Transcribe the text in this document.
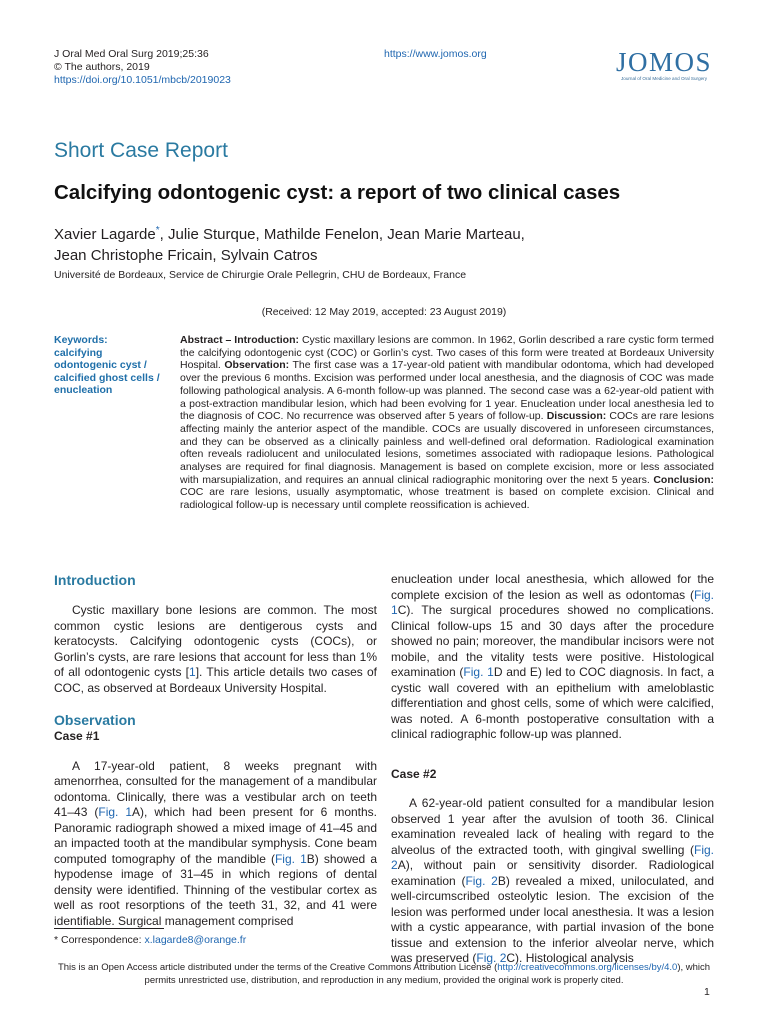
J Oral Med Oral Surg 2019;25:36
© The authors, 2019
https://doi.org/10.1051/mbcb/2019023
https://www.jomos.org	JOMOS
Journal of Oral Medicine and Oral Surgery
Short Case Report
Calcifying odontogenic cyst: a report of two clinical cases
Xavier Lagarde*, Julie Sturque, Mathilde Fenelon, Jean Marie Marteau,
Jean Christophe Fricain, Sylvain Catros
Université de Bordeaux, Service de Chirurgie Orale Pellegrin, CHU de Bordeaux, France
(Received: 12 May 2019, accepted: 23 August 2019)
Keywords:
calcifying
odontogenic cyst /
calcified ghost cells /
enucleation
Abstract – Introduction: Cystic maxillary lesions are common. In 1962, Gorlin described a rare cystic form termed the calcifying odontogenic cyst (COC) or Gorlin’s cyst. Two cases of this form were treated at Bordeaux University Hospital. Observation: The first case was a 17-year-old patient with mandibular odontoma, which had developed over the previous 6 months. Excision was performed under local anesthesia, and the diagnosis of COC was made following pathological analysis. A 6-month follow-up was planned. The second case was a 62-year-old patient with a post-extraction mandibular lesion, which had been evolving for 1 year. Enucleation under local anesthesia led to the diagnosis of COC. No recurrence was observed after 5 years of follow-up. Discussion: COCs are rare lesions affecting mainly the anterior aspect of the mandible. COCs are usually discovered in unforeseen circumstances, and they can be observed as a clinically painless and well-defined oral deformation. Radiological examination often reveals radiolucent and uniloculated lesions, sometimes associated with radiopaque lesions. Pathological analyses are required for final diagnosis. Management is based on complete excision, more or less associated with marsupialization, and requires an annual clinical radiographic monitoring over the next 5 years. Conclusion: COC are rare lesions, usually asymptomatic, whose treatment is based on complete excision. Clinical and radiological follow-up is necessary until complete reossification is achieved.
Introduction

Cystic maxillary bone lesions are common. The most common cystic lesions are dentigerous cysts and keratocysts. Calcifying odontogenic cysts (COCs), or Gorlin’s cysts, are rare lesions that account for less than 1% of all odontogenic cysts [1]. This article details two cases of COC, as observed at Bordeaux University Hospital.

Observation
Case #1

A 17-year-old patient, 8 weeks pregnant with amenorrhea, consulted for the management of a mandibular odontoma. Clinically, there was a vestibular arch on teeth 41–43 (Fig. 1A), which had been present for 6 months. Panoramic radiograph showed a mixed image of 41–45 and an impacted tooth at the mandibular symphysis. Cone beam computed tomography of the mandible (Fig. 1B) showed a hypodense image of 31–45 in which regions of dental density were identified. Thinning of the vestibular cortex as well as root resorptions of the teeth 31, 32, and 41 were identifiable. Surgical management comprised

enucleation under local anesthesia, which allowed for the complete excision of the lesion as well as odontomas (Fig. 1C). The surgical procedures showed no complications. Clinical follow-ups 15 and 30 days after the procedure showed no pain; moreover, the mandibular incisors were not mobile, and the vitality tests were positive. Histological examination (Fig. 1D and E) led to COC diagnosis. In fact, a cystic wall covered with an epithelium with ameloblastic differentiation and ghost cells, some of which were calcified, was noted. A 6-month postoperative consultation with a clinical radiographic follow-up was planned.

Case #2

A 62-year-old patient consulted for a mandibular lesion observed 1 year after the avulsion of tooth 36. Clinical examination revealed lack of healing with regard to the alveolus of the extracted tooth, with gingival swelling (Fig. 2A), without pain or sensitivity disorder. Radiological examination (Fig. 2B) revealed a mixed, uniloculated, and well-circumscribed osteolytic lesion. The excision of the lesion was performed under local anesthesia. It was a lesion with a cystic appearance, with partial invasion of the bone tissue and extension to the inferior alveolar nerve, which was preserved (Fig. 2C). Histological analysis

* Correspondence: x.lagarde8@orange.fr
This is an Open Access article distributed under the terms of the Creative Commons Attribution License (http://creativecommons.org/licenses/by/4.0), which permits unrestricted use, distribution, and reproduction in any medium, provided the original work is properly cited.
1
